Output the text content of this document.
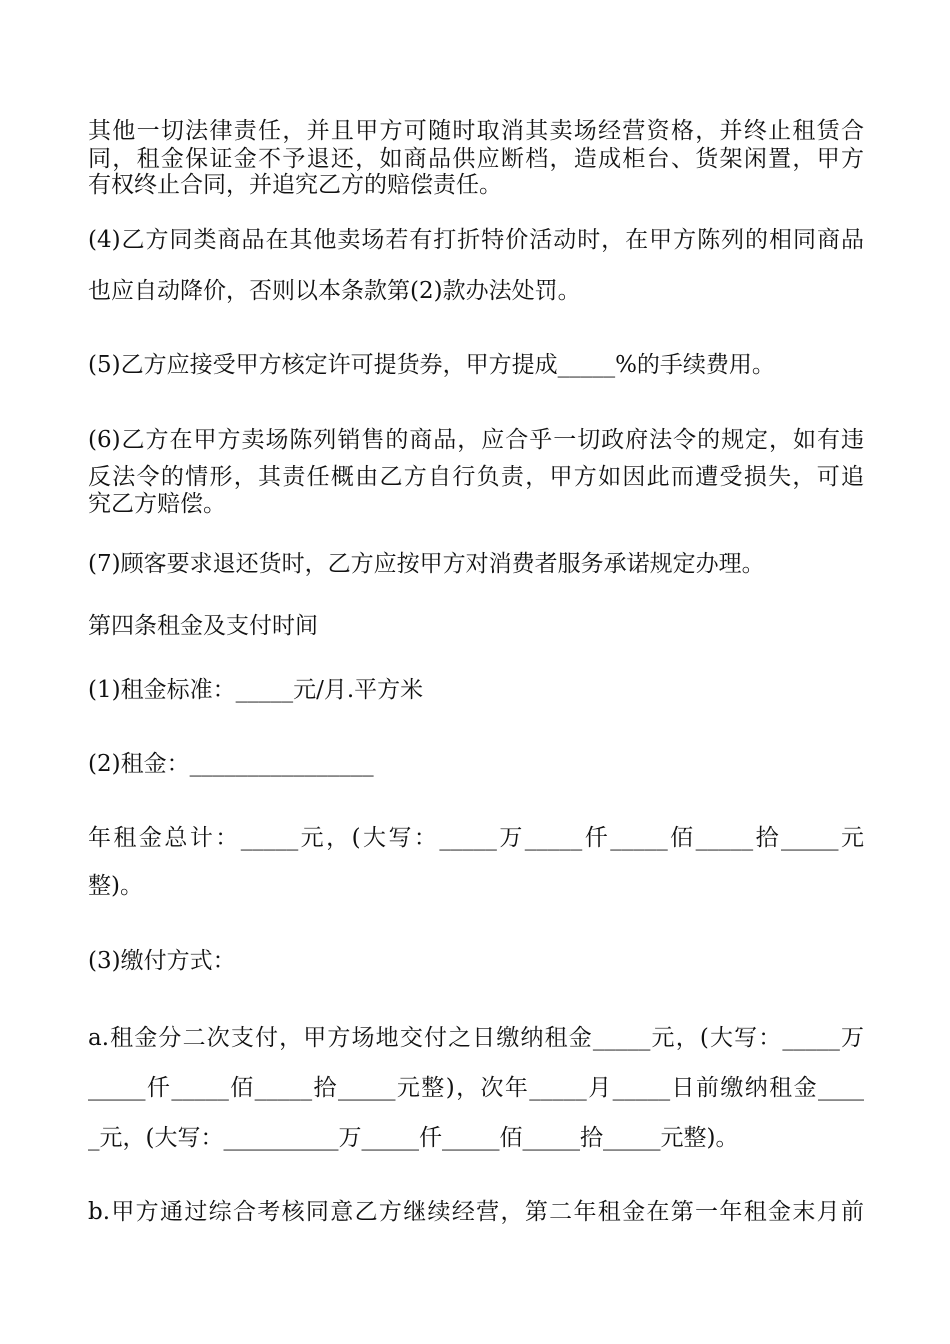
其他一切法律责任，并且甲方可随时取消其卖场经营资格，并终止租赁合

同，租金保证金不予退还，如商品供应断档，造成柜台、货架闲置，甲方

有权终止合同，并追究乙方的赔偿责任。

(4)乙方同类商品在其他卖场若有打折特价活动时，在甲方陈列的相同商品

也应自动降价，否则以本条款第(2)款办法处罚。

(5)乙方应接受甲方核定许可提货券，甲方提成_____%的手续费用。

(6)乙方在甲方卖场陈列销售的商品，应合乎一切政府法令的规定，如有违

反法令的情形，其责任概由乙方自行负责，甲方如因此而遭受损失，可追

究乙方赔偿。

(7)顾客要求退还货时，乙方应按甲方对消费者服务承诺规定办理。

第四条租金及支付时间

(1)租金标准：_____元/月.平方米

(2)租金：________________

年租金总计：_____元，(大写：_____万_____仟_____佰_____拾_____元

整)。

(3)缴付方式：

a.租金分二次支付，甲方场地交付之日缴纳租金_____元，(大写：_____万

_____仟_____佰_____拾_____元整)，次年_____月_____日前缴纳租金____

_元，(大写：__________万_____仟_____佰_____拾_____元整)。

b.甲方通过综合考核同意乙方继续经营，第二年租金在第一年租金末月前
